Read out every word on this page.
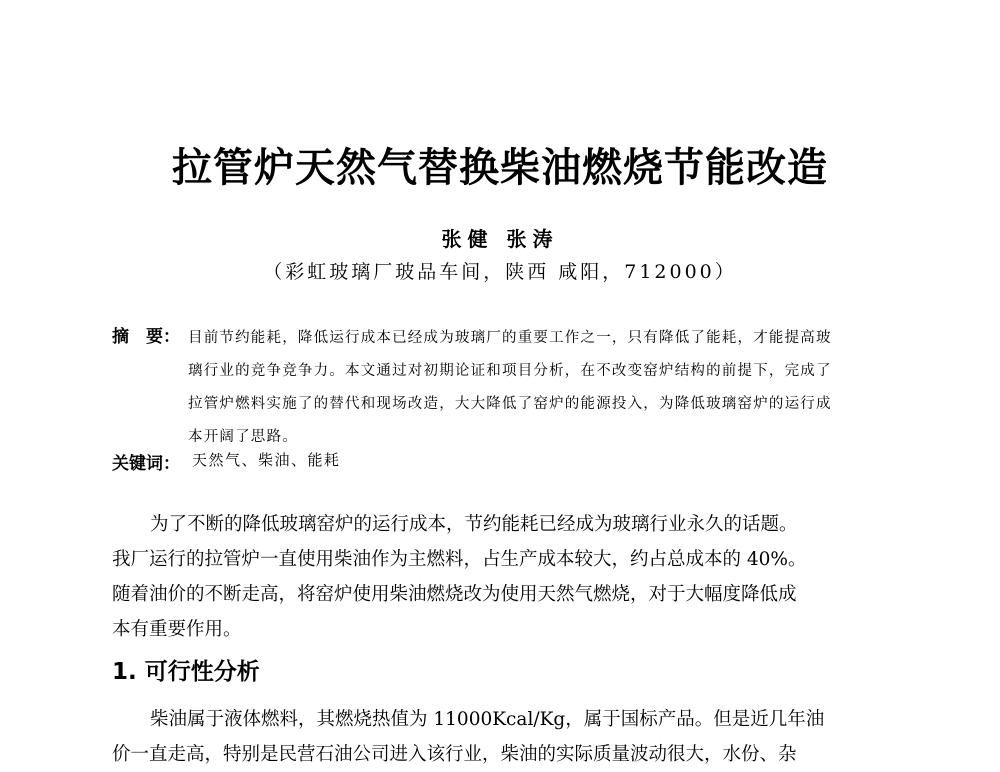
拉管炉天然气替换柴油燃烧节能改造
张健 张涛
（彩虹玻璃厂玻品车间，陕西 咸阳，712000）
摘　要： 目前节约能耗，降低运行成本已经成为玻璃厂的重要工作之一，只有降低了能耗，才能提高玻
璃行业的竞争竞争力。本文通过对初期论证和项目分析，在不改变窑炉结构的前提下，完成了
拉管炉燃料实施了的替代和现场改造，大大降低了窑炉的能源投入，为降低玻璃窑炉的运行成
本开阔了思路。
关键词： 天然气、柴油、能耗
为了不断的降低玻璃窑炉的运行成本，节约能耗已经成为玻璃行业永久的话题。
我厂运行的拉管炉一直使用柴油作为主燃料，占生产成本较大，约占总成本的 40%。
随着油价的不断走高，将窑炉使用柴油燃烧改为使用天然气燃烧，对于大幅度降低成
本有重要作用。
1. 可行性分析
柴油属于液体燃料，其燃烧热值为 11000Kcal/Kg，属于国标产品。但是近几年油
价一直走高，特别是民营石油公司进入该行业，柴油的实际质量波动很大，水份、杂
